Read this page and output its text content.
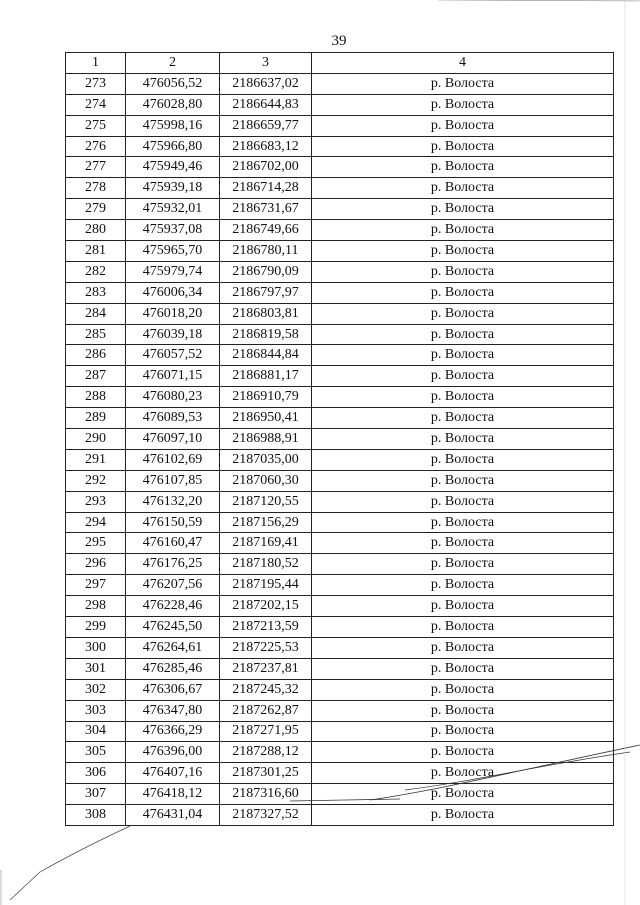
39
1	2	3	4
273	476056,52	2186637,02	р. Волоста
274	476028,80	2186644,83	р. Волоста
275	475998,16	2186659,77	р. Волоста
276	475966,80	2186683,12	р. Волоста
277	475949,46	2186702,00	р. Волоста
278	475939,18	2186714,28	р. Волоста
279	475932,01	2186731,67	р. Волоста
280	475937,08	2186749,66	р. Волоста
281	475965,70	2186780,11	р. Волоста
282	475979,74	2186790,09	р. Волоста
283	476006,34	2186797,97	р. Волоста
284	476018,20	2186803,81	р. Волоста
285	476039,18	2186819,58	р. Волоста
286	476057,52	2186844,84	р. Волоста
287	476071,15	2186881,17	р. Волоста
288	476080,23	2186910,79	р. Волоста
289	476089,53	2186950,41	р. Волоста
290	476097,10	2186988,91	р. Волоста
291	476102,69	2187035,00	р. Волоста
292	476107,85	2187060,30	р. Волоста
293	476132,20	2187120,55	р. Волоста
294	476150,59	2187156,29	р. Волоста
295	476160,47	2187169,41	р. Волоста
296	476176,25	2187180,52	р. Волоста
297	476207,56	2187195,44	р. Волоста
298	476228,46	2187202,15	р. Волоста
299	476245,50	2187213,59	р. Волоста
300	476264,61	2187225,53	р. Волоста
301	476285,46	2187237,81	р. Волоста
302	476306,67	2187245,32	р. Волоста
303	476347,80	2187262,87	р. Волоста
304	476366,29	2187271,95	р. Волоста
305	476396,00	2187288,12	р. Волоста
306	476407,16	2187301,25	р. Волоста
307	476418,12	2187316,60	р. Волоста
308	476431,04	2187327,52	р. Волоста
